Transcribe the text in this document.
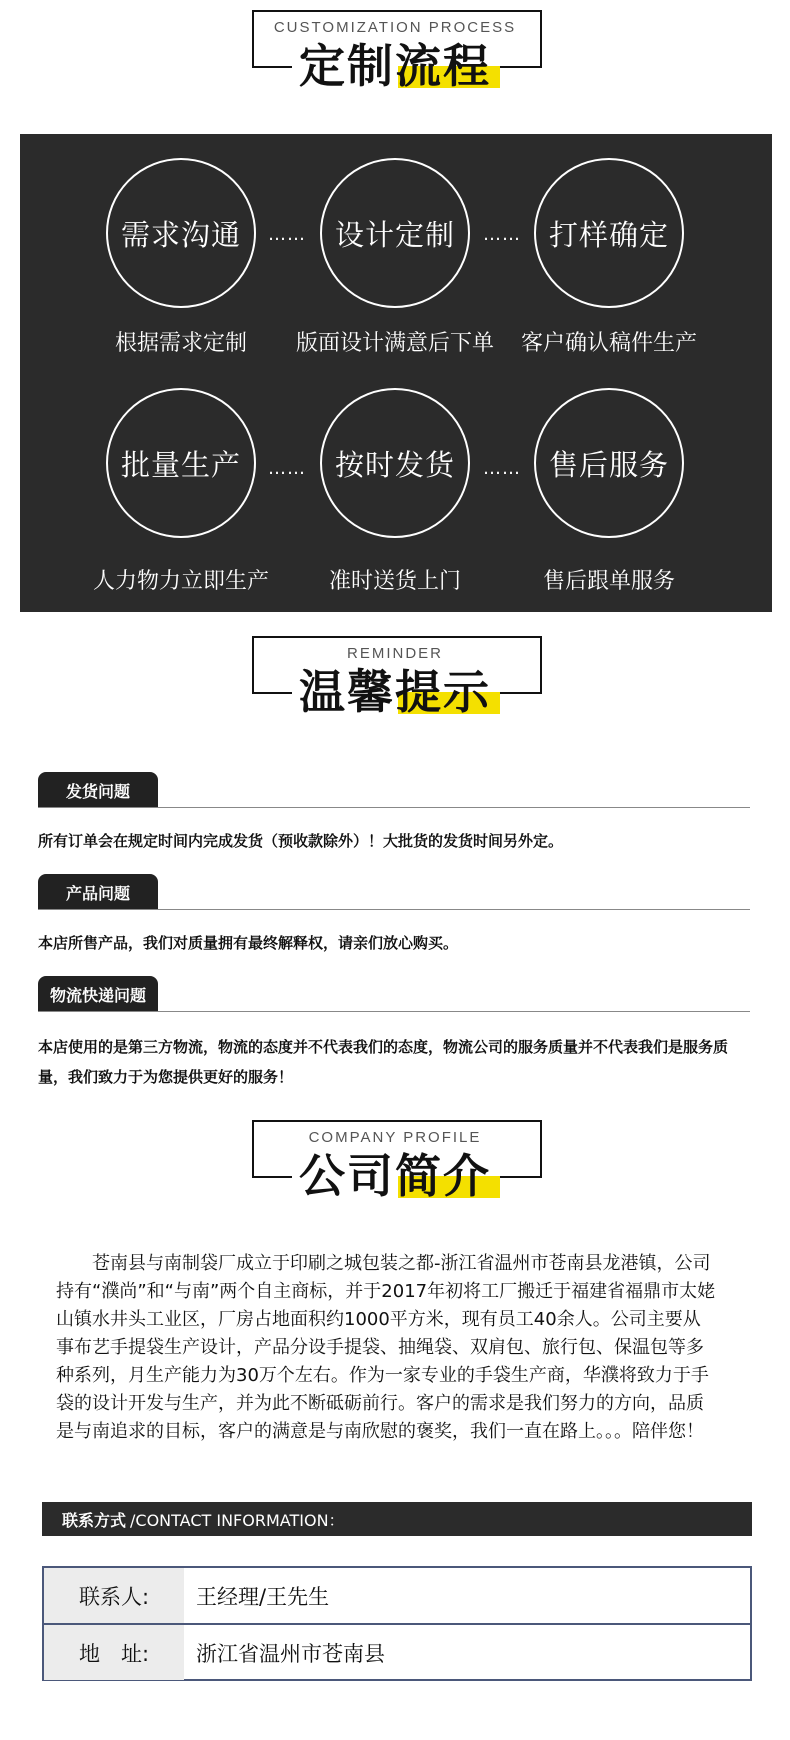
CUSTOMIZATION PROCESS
定制流程
需求沟通	…… 设计定制	…… 打样确定
根据需求定制	版面设计满意后下单	客户确认稿件生产
批量生产	…… 按时发货	…… 售后服务
人力物力立即生产	准时送货上门	售后跟单服务
REMINDER
温馨提示
发货问题
所有订单会在规定时间内完成发货（预收款除外）！大批货的发货时间另外定。
产品问题
本店所售产品，我们对质量拥有最终解释权，请亲们放心购买。
物流快递问题
本店使用的是第三方物流，物流的态度并不代表我们的态度，物流公司的服务质量并不代表我们是服务质量，我们致力于为您提供更好的服务！
COMPANY PROFILE
公司简介
苍南县与南制袋厂成立于印刷之城包装之都-浙江省温州市苍南县龙港镇，公司持有“濮尚”和“与南”两个自主商标，并于2017年初将工厂搬迁于福建省福鼎市太姥山镇水井头工业区，厂房占地面积约1000平方米，现有员工40余人。公司主要从事布艺手提袋生产设计，产品分设手提袋、抽绳袋、双肩包、旅行包、保温包等多种系列，月生产能力为30万个左右。作为一家专业的手袋生产商，华濮将致力于手袋的设计开发与生产，并为此不断砥砺前行。客户的需求是我们努力的方向，品质是与南追求的目标，客户的满意是与南欣慰的褒奖，我们一直在路上。。。陪伴您！
联系方式 /CONTACT INFORMATION：
联系人:	王经理/王先生
地　址:	浙江省温州市苍南县
